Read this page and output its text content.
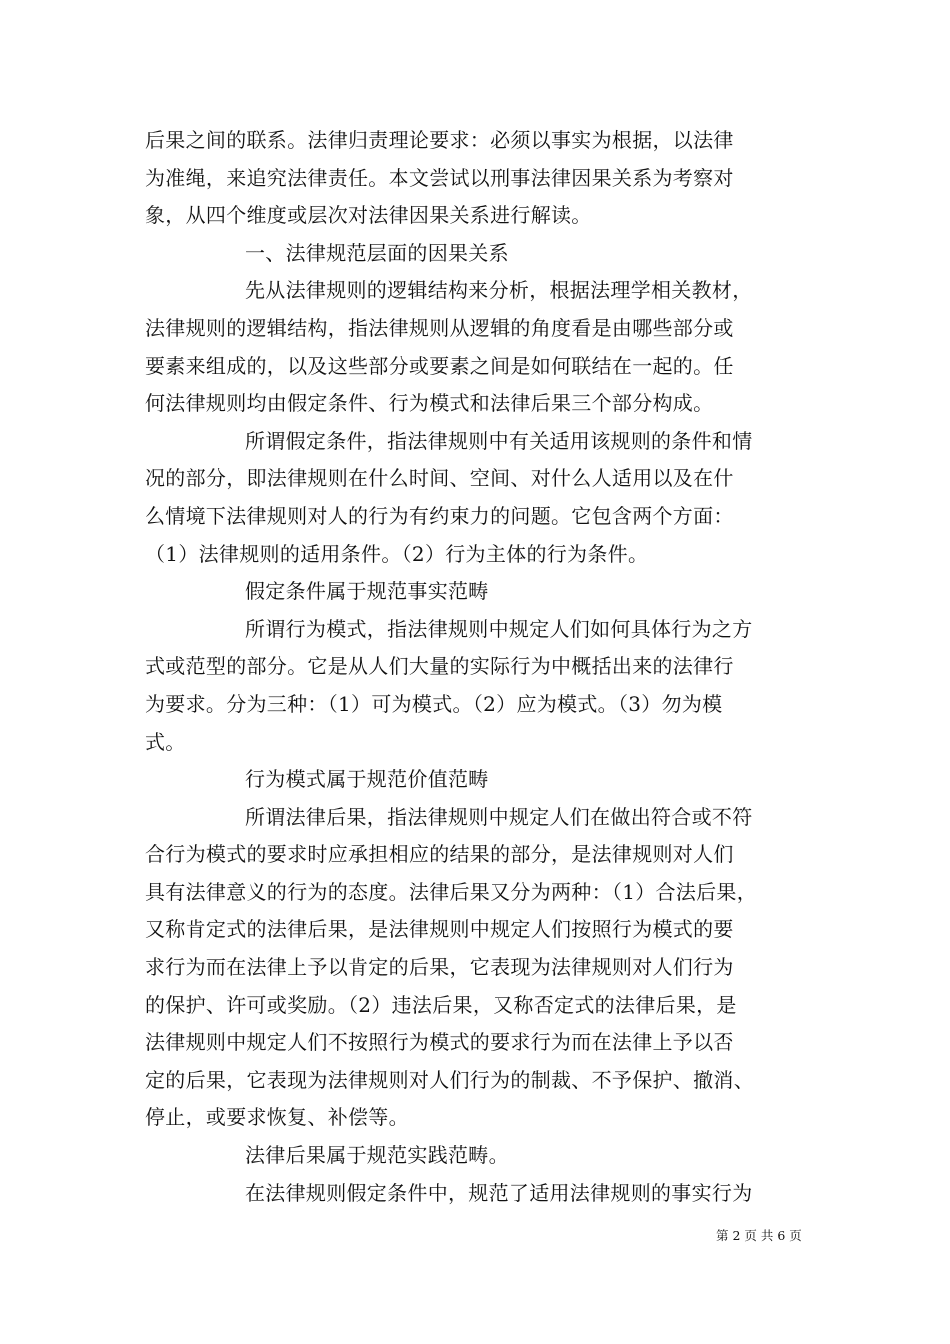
后果之间的联系。法律归责理论要求：必须以事实为根据，以法律
为准绳，来追究法律责任。本文尝试以刑事法律因果关系为考察对
象，从四个维度或层次对法律因果关系进行解读。
一、法律规范层面的因果关系
先从法律规则的逻辑结构来分析，根据法理学相关教材，
法律规则的逻辑结构，指法律规则从逻辑的角度看是由哪些部分或
要素来组成的，以及这些部分或要素之间是如何联结在一起的。任
何法律规则均由假定条件、行为模式和法律后果三个部分构成。
所谓假定条件，指法律规则中有关适用该规则的条件和情
况的部分，即法律规则在什么时间、空间、对什么人适用以及在什
么情境下法律规则对人的行为有约束力的问题。它包含两个方面：
（1）法律规则的适用条件。（2）行为主体的行为条件。
假定条件属于规范事实范畴
所谓行为模式，指法律规则中规定人们如何具体行为之方
式或范型的部分。它是从人们大量的实际行为中概括出来的法律行
为要求。分为三种：（1）可为模式。（2）应为模式。（3）勿为模
式。
行为模式属于规范价值范畴
所谓法律后果，指法律规则中规定人们在做出符合或不符
合行为模式的要求时应承担相应的结果的部分，是法律规则对人们
具有法律意义的行为的态度。法律后果又分为两种：（1）合法后果，
又称肯定式的法律后果，是法律规则中规定人们按照行为模式的要
求行为而在法律上予以肯定的后果，它表现为法律规则对人们行为
的保护、许可或奖励。（2）违法后果，又称否定式的法律后果，是
法律规则中规定人们不按照行为模式的要求行为而在法律上予以否
定的后果，它表现为法律规则对人们行为的制裁、不予保护、撤消、
停止，或要求恢复、补偿等。
法律后果属于规范实践范畴。
在法律规则假定条件中，规范了适用法律规则的事实行为
第 2 页 共 6 页
